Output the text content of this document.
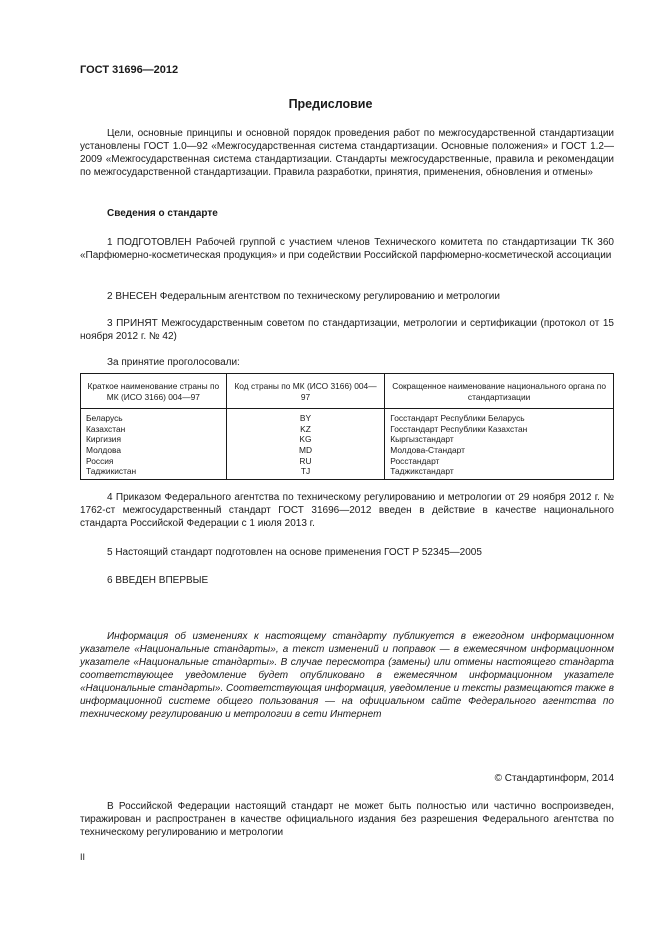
ГОСТ 31696—2012
Предисловие
Цели, основные принципы и основной порядок проведения работ по межгосударственной стандартизации установлены ГОСТ 1.0—92 «Межгосударственная система стандартизации. Основные положения» и ГОСТ 1.2—2009 «Межгосударственная система стандартизации. Стандарты межгосударственные, правила и рекомендации по межгосударственной стандартизации. Правила разработки, принятия, применения, обновления и отмены»
Сведения о стандарте
1 ПОДГОТОВЛЕН Рабочей группой с участием членов Технического комитета по стандартизации ТК 360 «Парфюмерно-косметическая продукция» и при содействии Российской парфюмерно-косметической ассоциации
2 ВНЕСЕН Федеральным агентством по техническому регулированию и метрологии
3 ПРИНЯТ Межгосударственным советом по стандартизации, метрологии и сертификации (протокол от 15 ноября 2012 г. № 42)
За принятие проголосовали:
Краткое наименование страны по МК (ИСО 3166) 004—97	Код страны по МК (ИСО 3166) 004—97	Сокращенное наименование национального органа по стандартизации
Беларусь	BY	Госстандарт Республики Беларусь
Казахстан	KZ	Госстандарт Республики Казахстан
Киргизия	KG	Кыргызстандарт
Молдова	MD	Молдова-Стандарт
Россия	RU	Росстандарт
Таджикистан	TJ	Таджикстандарт
4 Приказом Федерального агентства по техническому регулированию и метрологии от 29 ноября 2012 г. № 1762-ст межгосударственный стандарт ГОСТ 31696—2012 введен в действие в качестве национального стандарта Российской Федерации с 1 июля 2013 г.
5 Настоящий стандарт подготовлен на основе применения ГОСТ Р 52345—2005
6 ВВЕДЕН ВПЕРВЫЕ
Информация об изменениях к настоящему стандарту публикуется в ежегодном информационном указателе «Национальные стандарты», а текст изменений и поправок — в ежемесячном информационном указателе «Национальные стандарты». В случае пересмотра (замены) или отмены настоящего стандарта соответствующее уведомление будет опубликовано в ежемесячном информационном указателе «Национальные стандарты». Соответствующая информация, уведомление и тексты размещаются также в информационной системе общего пользования — на официальном сайте Федерального агентства по техническому регулированию и метрологии в сети Интернет
© Стандартинформ, 2014
В Российской Федерации настоящий стандарт не может быть полностью или частично воспроизведен, тиражирован и распространен в качестве официального издания без разрешения Федерального агентства по техническому регулированию и метрологии
II
